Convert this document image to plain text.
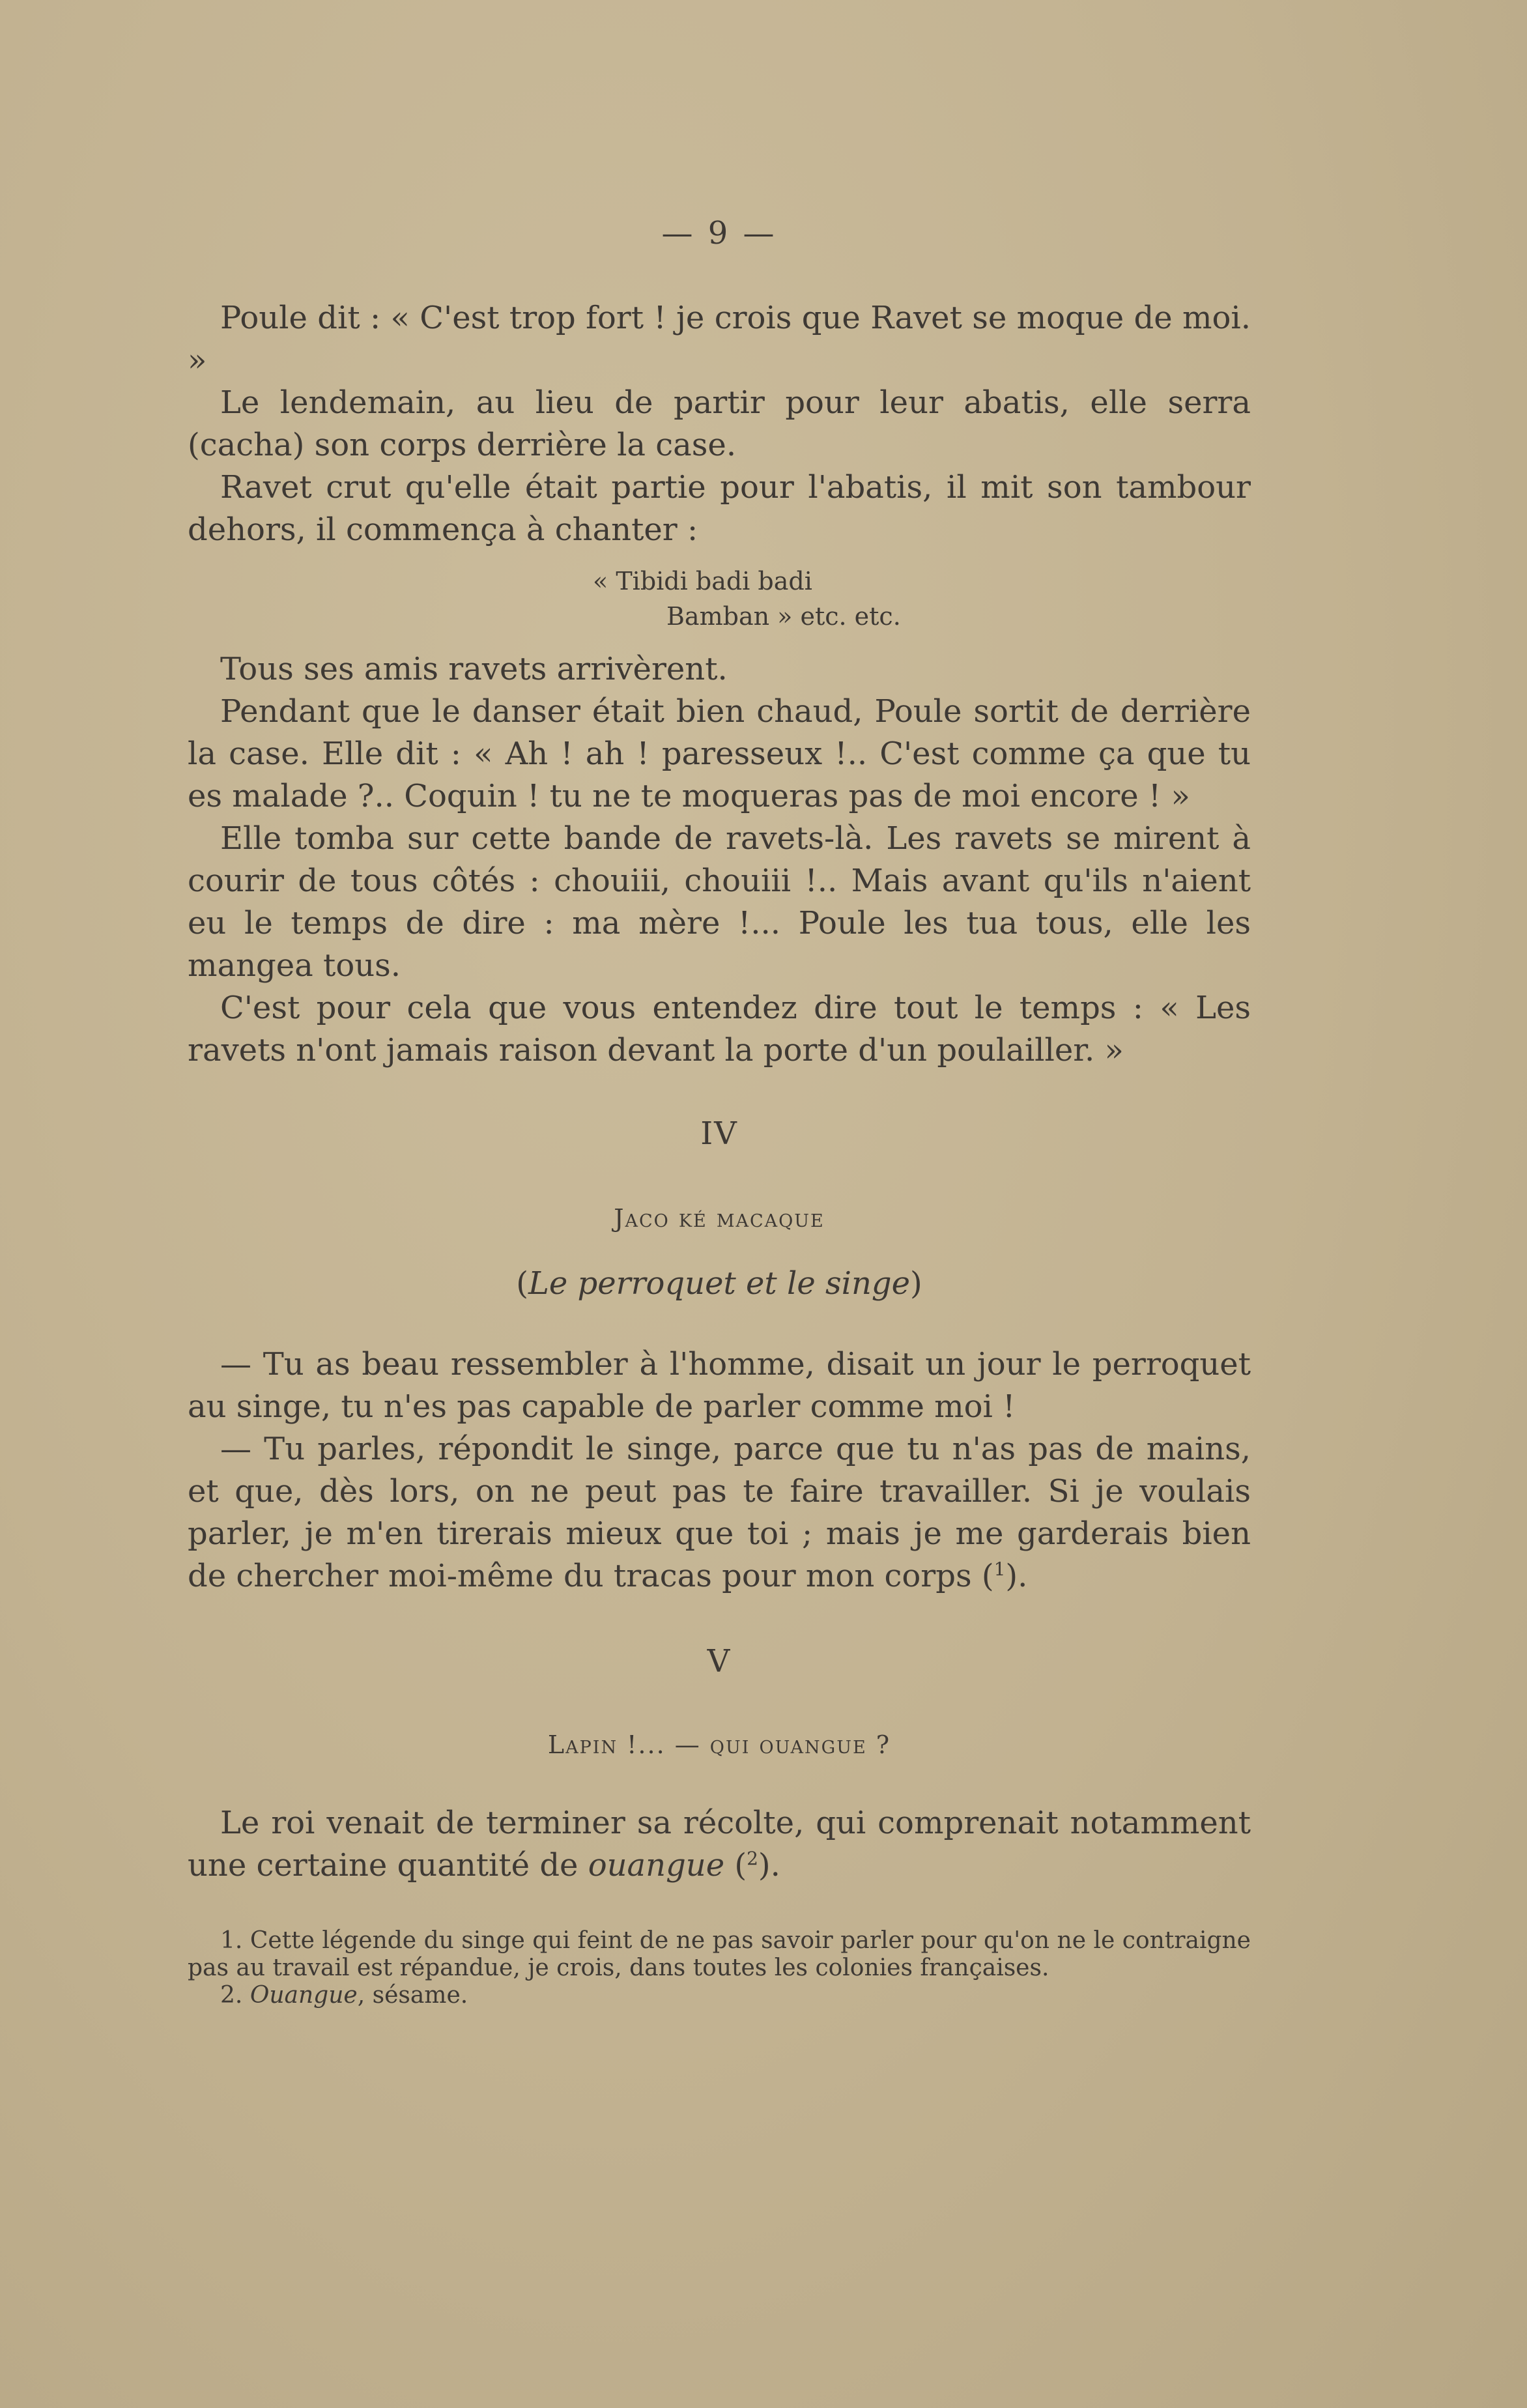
— 9 —

Poule dit : « C'est trop fort ! je crois que Ravet se moque de moi. »

Le lendemain, au lieu de partir pour leur abatis, elle serra (cacha) son corps derrière la case.

Ravet crut qu'elle était partie pour l'abatis, il mit son tambour dehors, il commença à chanter :

« Tibidi badi badi
Bamban » etc. etc.

Tous ses amis ravets arrivèrent.

Pendant que le danser était bien chaud, Poule sortit de derrière la case. Elle dit : « Ah ! ah ! paresseux !.. C'est comme ça que tu es malade ?.. Coquin ! tu ne te moqueras pas de moi encore ! »

Elle tomba sur cette bande de ravets-là. Les ravets se mirent à courir de tous côtés : chouiii, chouiii !.. Mais avant qu'ils n'aient eu le temps de dire : ma mère !... Poule les tua tous, elle les mangea tous.

C'est pour cela que vous entendez dire tout le temps : « Les ravets n'ont jamais raison devant la porte d'un poulailler. »

IV
Jaco ké macaque
(Le perroquet et le singe)

— Tu as beau ressembler à l'homme, disait un jour le perroquet au singe, tu n'es pas capable de parler comme moi !

— Tu parles, répondit le singe, parce que tu n'as pas de mains, et que, dès lors, on ne peut pas te faire travailler. Si je voulais parler, je m'en tirerais mieux que toi ; mais je me garderais bien de chercher moi-même du tracas pour mon corps ($^1$).

V
Lapin !... — qui ouangue ?

Le roi venait de terminer sa récolte, qui comprenait notamment une certaine quantité de ouangue ($^2$).

1. Cette légende du singe qui feint de ne pas savoir parler pour qu'on ne le contraigne pas au travail est répandue, je crois, dans toutes les colonies françaises.

2. Ouangue, sésame.
